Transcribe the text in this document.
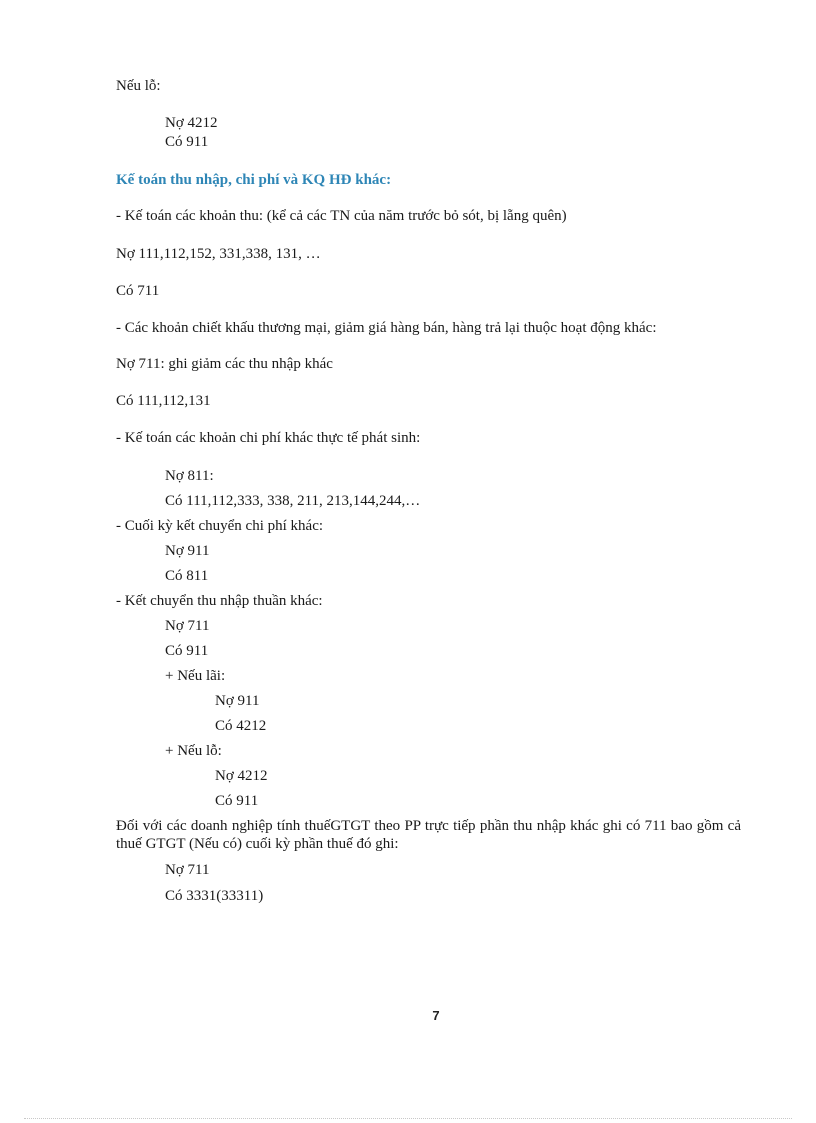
Nếu lỗ:
Nợ 4212
Có 911
Kế toán thu nhập, chi phí và KQ HĐ khác:
- Kế toán các khoản thu: (kể cả các TN của năm trước bỏ sót, bị lẵng quên)
Nợ 111,112,152, 331,338, 131, …
Có 711
- Các khoản chiết khấu thương mại, giảm giá hàng bán, hàng trả lại thuộc hoạt động khác:
Nợ 711: ghi giảm các thu nhập khác
Có 111,112,131
- Kế toán các khoản chi phí khác thực tế phát sinh:
Nợ 811:
Có 111,112,333, 338, 211, 213,144,244,…
- Cuối kỳ kết chuyển chi phí khác:
Nợ 911
Có 811
- Kết chuyển thu nhập thuần khác:
Nợ 711
Có 911
+ Nếu lãi:
Nợ 911
Có 4212
+ Nếu lỗ:
Nợ 4212
Có 911
Đối với các doanh nghiệp tính thuếGTGT theo PP trực tiếp phần thu nhập khác ghi có 711 bao gồm cả thuế GTGT (Nếu có) cuối kỳ phần thuế đó ghi:
Nợ 711
Có 3331(33311)
7
